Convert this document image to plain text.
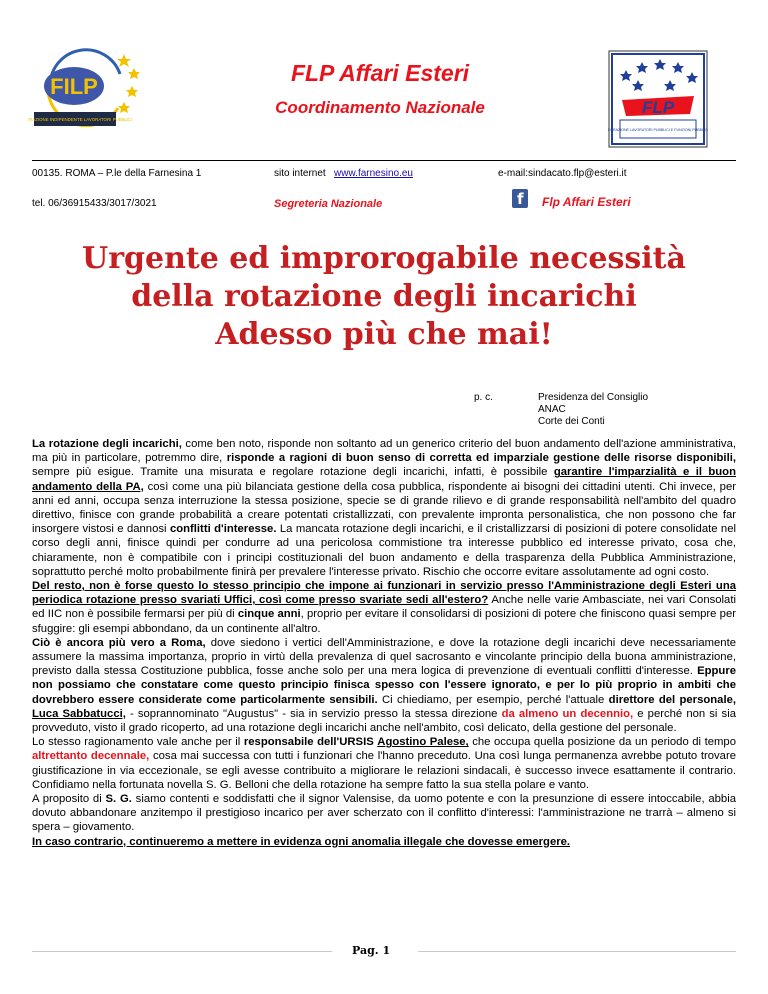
FILP
FEDERAZIONE INDIPENDENTE LAVORATORI PUBBLICI
FLP
FEDERAZIONE LAVORATORI PUBBLICI E FUNZIONI PUBBLICHE
FLP Affari Esteri
Coordinamento Nazionale
00135. ROMA – P.le della Farnesina 1	sito internet www.farnesino.eu	e-mail:sindacato.flp@esteri.it
tel. 06/36915433/3017/3021	Segreteria Nazionale	f Flp Affari Esteri
Urgente ed improrogabile necessità
della rotazione degli incarichi
Adesso più che mai!
p. c.	Presidenza del Consiglio
ANAC
Corte dei Conti

La rotazione degli incarichi, come ben noto, risponde non soltanto ad un generico criterio del buon andamento dell'azione amministrativa, ma più in particolare, potremmo dire, risponde a ragioni di buon senso di corretta ed imparziale gestione delle risorse disponibili, sempre più esigue. Tramite una misurata e regolare rotazione degli incarichi, infatti, è possibile garantire l'imparzialità e il buon andamento della PA, così come una più bilanciata gestione della cosa pubblica, rispondente ai bisogni dei cittadini utenti. Chi invece, per anni ed anni, occupa senza interruzione la stessa posizione, specie se di grande rilievo e di grande responsabilità nell'ambito del quadro direttivo, finisce con grande probabilità a creare potentati cristallizzati, con prevalente impronta personalistica, che non possono che far insorgere vistosi e dannosi conflitti d'interesse. La mancata rotazione degli incarichi, e il cristallizzarsi di posizioni di potere consolidate nel corso degli anni, finisce quindi per condurre ad una pericolosa commistione tra interesse pubblico ed interesse privato, cosa che, chiaramente, non è compatibile con i principi costituzionali del buon andamento e della trasparenza della Pubblica Amministrazione, soprattutto perché molto probabilmente finirà per prevalere l'interesse privato. Rischio che occorre evitare assolutamente ad ogni costo.

Del resto, non è forse questo lo stesso principio che impone ai funzionari in servizio presso l'Amministrazione degli Esteri una periodica rotazione presso svariati Uffici, così come presso svariate sedi all'estero? Anche nelle varie Ambasciate, nei vari Consolati ed IIC non è possibile fermarsi per più di cinque anni, proprio per evitare il consolidarsi di posizioni di potere che finiscono quasi sempre per sfuggire: gli esempi abbondano, da un continente all'altro.

Ciò è ancora più vero a Roma, dove siedono i vertici dell'Amministrazione, e dove la rotazione degli incarichi deve necessariamente assumere la massima importanza, proprio in virtù della prevalenza di quel sacrosanto e vincolante principio della buona amministrazione, previsto dalla stessa Costituzione pubblica, fosse anche solo per una mera logica di prevenzione di eventuali conflitti d'interesse. Eppure non possiamo che constatare come questo principio finisca spesso con l'essere ignorato, e per lo più proprio in ambiti che dovrebbero essere considerate come particolarmente sensibili. Ci chiediamo, per esempio, perché l'attuale direttore del personale, Luca Sabbatucci, - soprannominato "Augustus" - sia in servizio presso la stessa direzione da almeno un decennio, e perché non si sia provveduto, visto il grado ricoperto, ad una rotazione degli incarichi anche nell'ambito, così delicato, della gestione del personale.

Lo stesso ragionamento vale anche per il responsabile dell'URSIS Agostino Palese, che occupa quella posizione da un periodo di tempo altrettanto decennale, cosa mai successa con tutti i funzionari che l'hanno preceduto. Una così lunga permanenza avrebbe potuto trovare giustificazione in via eccezionale, se egli avesse contribuito a migliorare le relazioni sindacali, è successo invece esattamente il contrario. Confidiamo nella fortunata novella S. G. Belloni che della rotazione ha sempre fatto la sua stella polare e vanto.

A proposito di S. G. siamo contenti e soddisfatti che il signor Valensise, da uomo potente e con la presunzione di essere intoccabile, abbia dovuto abbandonare anzitempo il prestigioso incarico per aver scherzato con il conflitto d'interessi: l'amministrazione ne trarrà – almeno si spera – giovamento.

In caso contrario, continueremo a mettere in evidenza ogni anomalia illegale che dovesse emergere.

Pag. 1
